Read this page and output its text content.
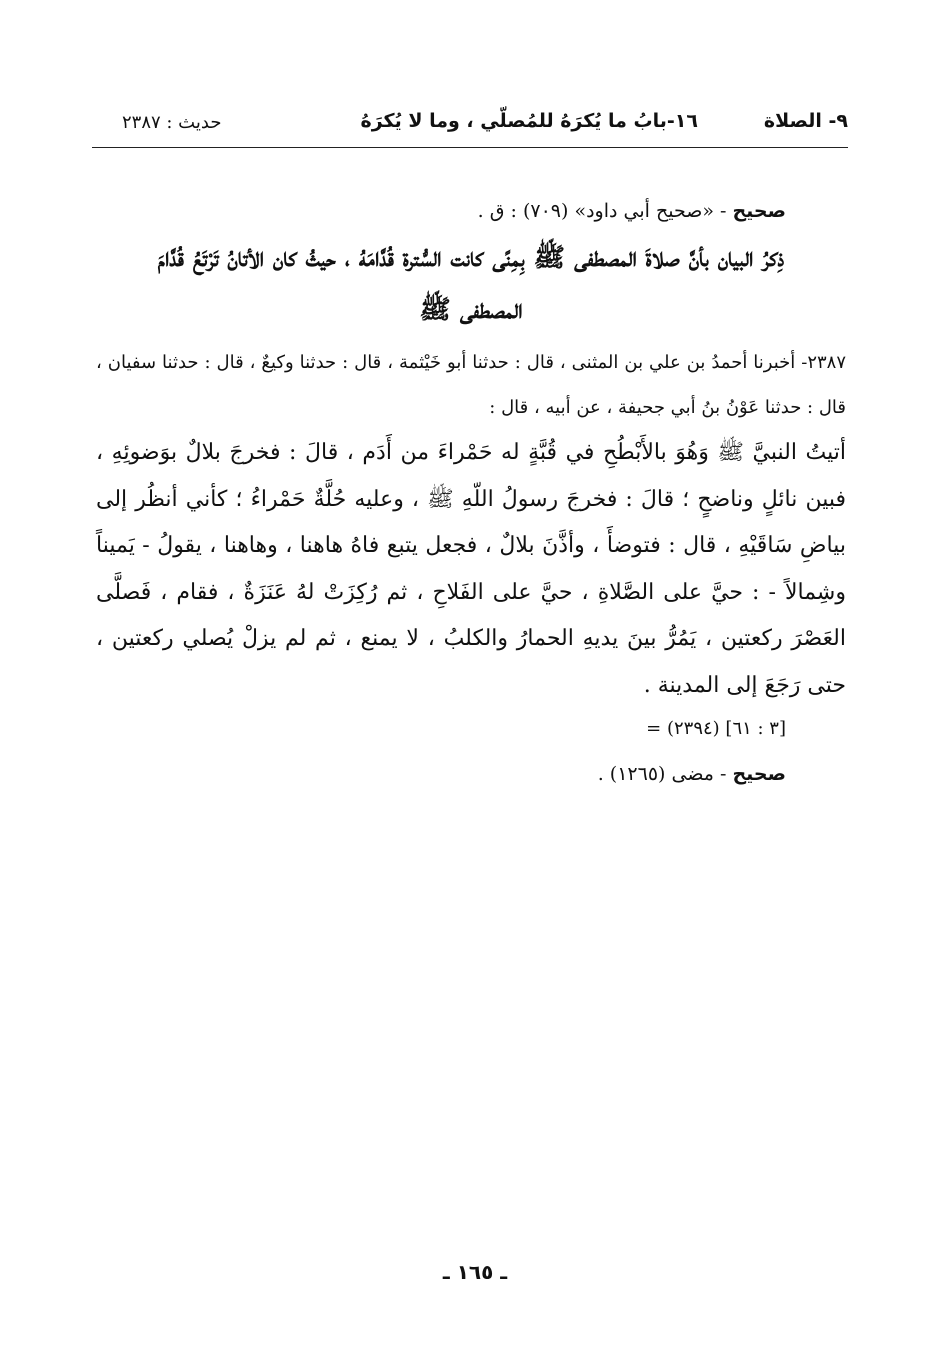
٩- الصلاة
١٦-بابُ ما يُكرَهُ للمُصلّي ، وما لا يُكرَهُ
حديث : ٢٣٨٧
صحيح - «صحيح أبي داود» (٧٠٩) : ق .
ذِكرُ البيان بأنَّ صلاةَ المصطفى ﷺ بِمِنًى كانت السُّترة قُدَّامَهُ ، حيثُ كان الأتانُ تَرْتَعُ قُدَّامَ المصطفى ﷺ
٢٣٨٧- أخبرنا أحمدُ بن علي بن المثنى ، قال : حدثنا أبو خَيْثمة ، قال : حدثنا وكيعٌ ، قال : حدثنا سفيان ، قال : حدثنا عَوْنُ بنُ أبي جحيفة ، عن أبيه ، قال :
أتيتُ النبيَّ ﷺ وَهُوَ بالأَبْطُحِ في قُبَّةٍ له حَمْراءَ من أَدَم ، قالَ : فخرجَ بلالٌ بوَضوئِهِ ، فبين نائلٍ وناضحٍ ؛ قالَ : فخرجَ رسولُ اللّهِ ﷺ ، وعليه حُلَّةٌ حَمْراءُ ؛ كأني أنظُر إلى بياضِ سَاقَيْهِ ، قال : فتوضأَ ، وأذَّنَ بلالٌ ، فجعل يتبع فاهُ هاهنا ، وهاهنا ، يقولُ - يَميناً وشِمالاً - : حيَّ على الصَّلاةِ ، حيَّ على الفَلاحِ ، ثم رُكِزَتْ لهُ عَنَزَةٌ ، فقام ، فَصلَّى العَصْرَ ركعتين ، يَمُرُّ بينَ يديهِ الحمارُ والكلبُ ، لا يمنع ، ثم لم يزلْ يُصلي ركعتين ، حتى رَجَعَ إلى المدينة .
= (٢٣٩٤) [٣ : ٦١]
صحيح - مضى (١٢٦٥) .
ـ ١٦٥ ـ
